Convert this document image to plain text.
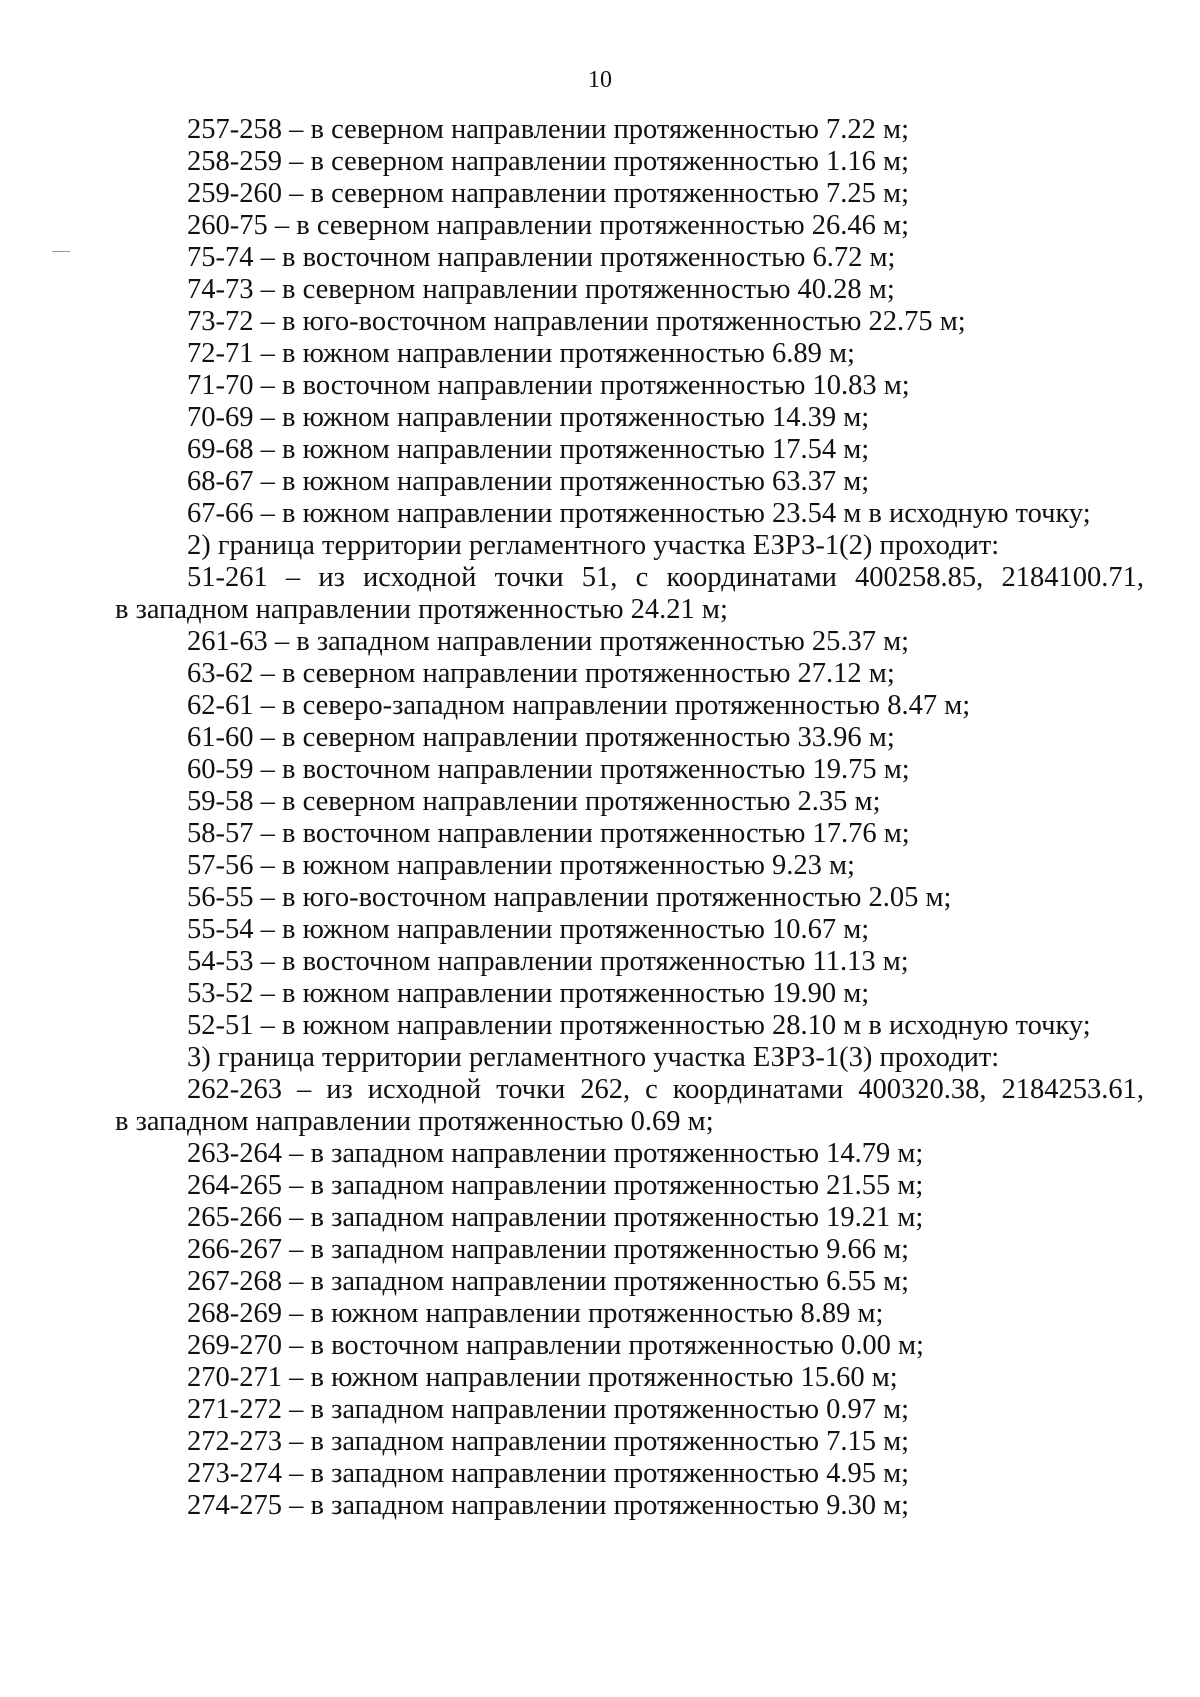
10
257-258 – в северном направлении протяженностью 7.22 м;
258-259 – в северном направлении протяженностью 1.16 м;
259-260 – в северном направлении протяженностью 7.25 м;
260-75 – в северном направлении протяженностью 26.46 м;
75-74 – в восточном направлении протяженностью 6.72 м;
74-73 – в северном направлении протяженностью 40.28 м;
73-72 – в юго-восточном направлении протяженностью 22.75 м;
72-71 – в южном направлении протяженностью 6.89 м;
71-70 – в восточном направлении протяженностью 10.83 м;
70-69 – в южном направлении протяженностью 14.39 м;
69-68 – в южном направлении протяженностью 17.54 м;
68-67 – в южном направлении протяженностью 63.37 м;
67-66 – в южном направлении протяженностью 23.54 м в исходную точку;
2) граница территории регламентного участка ЕЗРЗ-1(2) проходит:
51-261 – из исходной точки 51, с координатами 400258.85, 2184100.71,
в западном направлении протяженностью 24.21 м;
261-63 – в западном направлении протяженностью 25.37 м;
63-62 – в северном направлении протяженностью 27.12 м;
62-61 – в северо-западном направлении протяженностью 8.47 м;
61-60 – в северном направлении протяженностью 33.96 м;
60-59 – в восточном направлении протяженностью 19.75 м;
59-58 – в северном направлении протяженностью 2.35 м;
58-57 – в восточном направлении протяженностью 17.76 м;
57-56 – в южном направлении протяженностью 9.23 м;
56-55 – в юго-восточном направлении протяженностью 2.05 м;
55-54 – в южном направлении протяженностью 10.67 м;
54-53 – в восточном направлении протяженностью 11.13 м;
53-52 – в южном направлении протяженностью 19.90 м;
52-51 – в южном направлении протяженностью 28.10 м в исходную точку;
3) граница территории регламентного участка ЕЗРЗ-1(3) проходит:
262-263 – из исходной точки 262, с координатами 400320.38, 2184253.61,
в западном направлении протяженностью 0.69 м;
263-264 – в западном направлении протяженностью 14.79 м;
264-265 – в западном направлении протяженностью 21.55 м;
265-266 – в западном направлении протяженностью 19.21 м;
266-267 – в западном направлении протяженностью 9.66 м;
267-268 – в западном направлении протяженностью 6.55 м;
268-269 – в южном направлении протяженностью 8.89 м;
269-270 – в восточном направлении протяженностью 0.00 м;
270-271 – в южном направлении протяженностью 15.60 м;
271-272 – в западном направлении протяженностью 0.97 м;
272-273 – в западном направлении протяженностью 7.15 м;
273-274 – в западном направлении протяженностью 4.95 м;
274-275 – в западном направлении протяженностью 9.30 м;
